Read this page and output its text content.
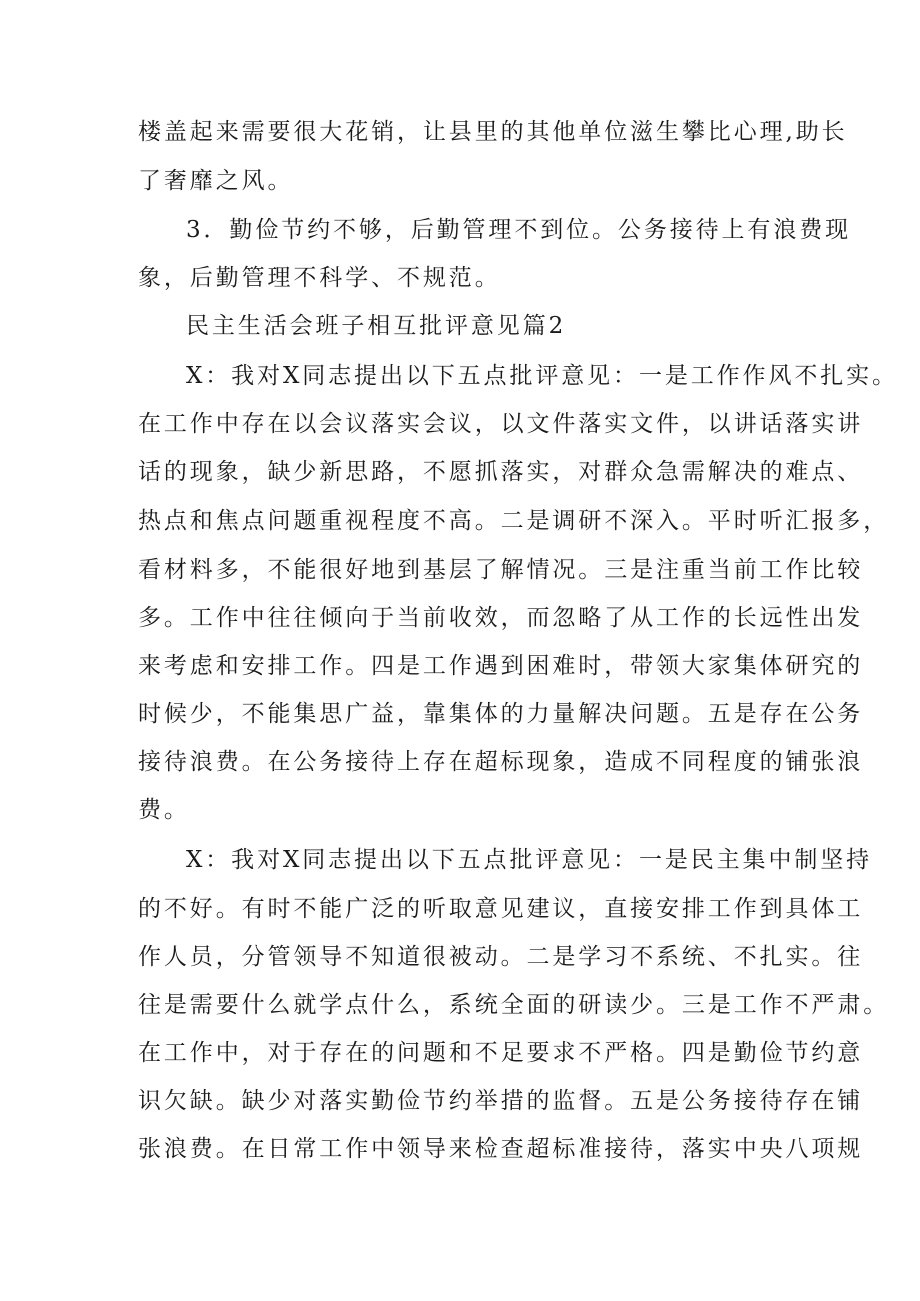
楼盖起来需要很大花销，让县里的其他单位滋生攀比心理,助长
了奢靡之风。
3．勤俭节约不够，后勤管理不到位。公务接待上有浪费现
象，后勤管理不科学、不规范。
民主生活会班子相互批评意见篇2
X：我对X同志提出以下五点批评意见：一是工作作风不扎实。
在工作中存在以会议落实会议，以文件落实文件，以讲话落实讲
话的现象，缺少新思路，不愿抓落实，对群众急需解决的难点、
热点和焦点问题重视程度不高。二是调研不深入。平时听汇报多，
看材料多，不能很好地到基层了解情况。三是注重当前工作比较
多。工作中往往倾向于当前收效，而忽略了从工作的长远性出发
来考虑和安排工作。四是工作遇到困难时，带领大家集体研究的
时候少，不能集思广益，靠集体的力量解决问题。五是存在公务
接待浪费。在公务接待上存在超标现象，造成不同程度的铺张浪
费。
X：我对X同志提出以下五点批评意见：一是民主集中制坚持
的不好。有时不能广泛的听取意见建议，直接安排工作到具体工
作人员，分管领导不知道很被动。二是学习不系统、不扎实。往
往是需要什么就学点什么，系统全面的研读少。三是工作不严肃。
在工作中，对于存在的问题和不足要求不严格。四是勤俭节约意
识欠缺。缺少对落实勤俭节约举措的监督。五是公务接待存在铺
张浪费。在日常工作中领导来检查超标准接待，落实中央八项规
